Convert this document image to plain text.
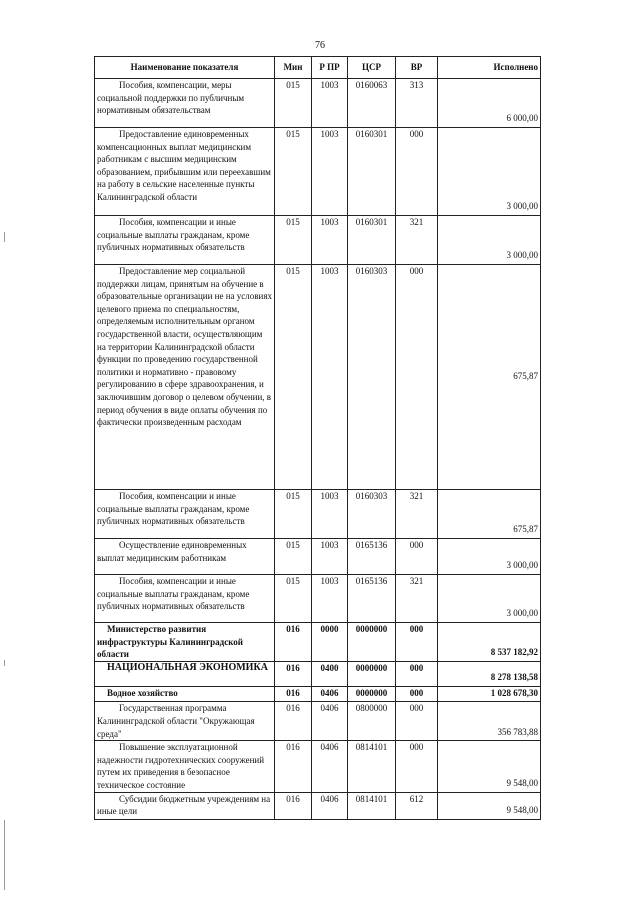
76
Наименование показателя	Мин	Р ПР	ЦСР	ВР	Исполнено

Пособия, компенсации, меры социальной поддержки по публичным нормативным обязательствам	015	1003	0160063	313	6 000,00

Предоставление единовременных компенсационных выплат медицинским работникам с высшим медицинским образованием, прибывшим или переехавшим на работу в сельские населенные пункты Калининградской области	015	1003	0160301	000	3 000,00

Пособия, компенсации и иные социальные выплаты гражданам, кроме публичных нормативных обязательств	015	1003	0160301	321	3 000,00

Предоставление мер социальной поддержки лицам, принятым на обучение в образовательные организации не на условиях целевого приема по специальностям, определяемым исполнительным органом государственной власти, осуществляющим на территории Калининградской области функции по проведению государственной политики и нормативно - правовому регулированию в сфере здравоохранения, и заключившим договор о целевом обучении, в период обучения в виде оплаты обучения по фактически произведенным расходам	015	1003	0160303	000	675,87

Пособия, компенсации и иные социальные выплаты гражданам, кроме публичных нормативных обязательств	015	1003	0160303	321	675,87

Осуществление единовременных выплат медицинским работникам	015	1003	0165136	000	3 000,00

Пособия, компенсации и иные социальные выплаты гражданам, кроме публичных нормативных обязательств	015	1003	0165136	321	3 000,00

Министерство развития инфраструктуры Калининградской области	016	0000	0000000	000	8 537 182,92

НАЦИОНАЛЬНАЯ ЭКОНОМИКА	016	0400	0000000	000	8 278 138,58

Водное хозяйство	016	0406	0000000	000	1 028 678,30

Государственная программа Калининградской области "Окружающая среда"	016	0406	0800000	000	356 783,88

Повышение эксплуатационной надежности гидротехнических сооружений путем их приведения в безопасное техническое состояние	016	0406	0814101	000	9 548,00

Субсидии бюджетным учреждениям на иные цели	016	0406	0814101	612	9 548,00
